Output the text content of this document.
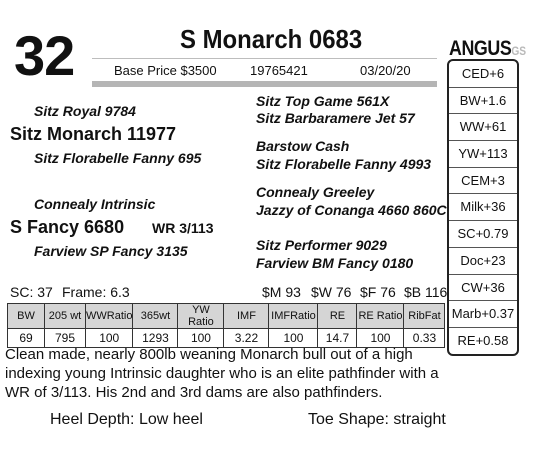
32	S Monarch 0683
Base Price $3500	19765421	03/20/20
ANGUSGS
Sitz Royal 9784
Sitz Monarch 11977
Sitz Florabelle Fanny 695
Sitz Top Game 561X
Sitz Barbaramere Jet 57
Barstow Cash
Sitz Florabelle Fanny 4993
Connealy Intrinsic
S Fancy 6680 WR 3/113
Farview SP Fancy 3135
Connealy Greeley
Jazzy of Conanga 4660 860C
Sitz Performer 9029
Farview BM Fancy 0180
SC: 37 Frame: 6.3	$M 93 $W 76 $F 76 $B 116
CED+6
BW+1.6
WW+61
YW+113
CEM+3
Milk+36
SC+0.79
Doc+23
CW+36
Marb+0.37
RE+0.58
BW	205 wt	WWRatio	365wt	YW Ratio	IMF	IMFRatio	RE	RE Ratio	RibFat
69	795	100	1293	100	3.22	100	14.7	100	0.33
Clean made, nearly 800lb weaning Monarch bull out of a high indexing young Intrinsic daughter who is an elite pathfinder with a WR of 3/113. His 2nd and 3rd dams are also pathfinders.
Heel Depth: Low heel	Toe Shape: straight
